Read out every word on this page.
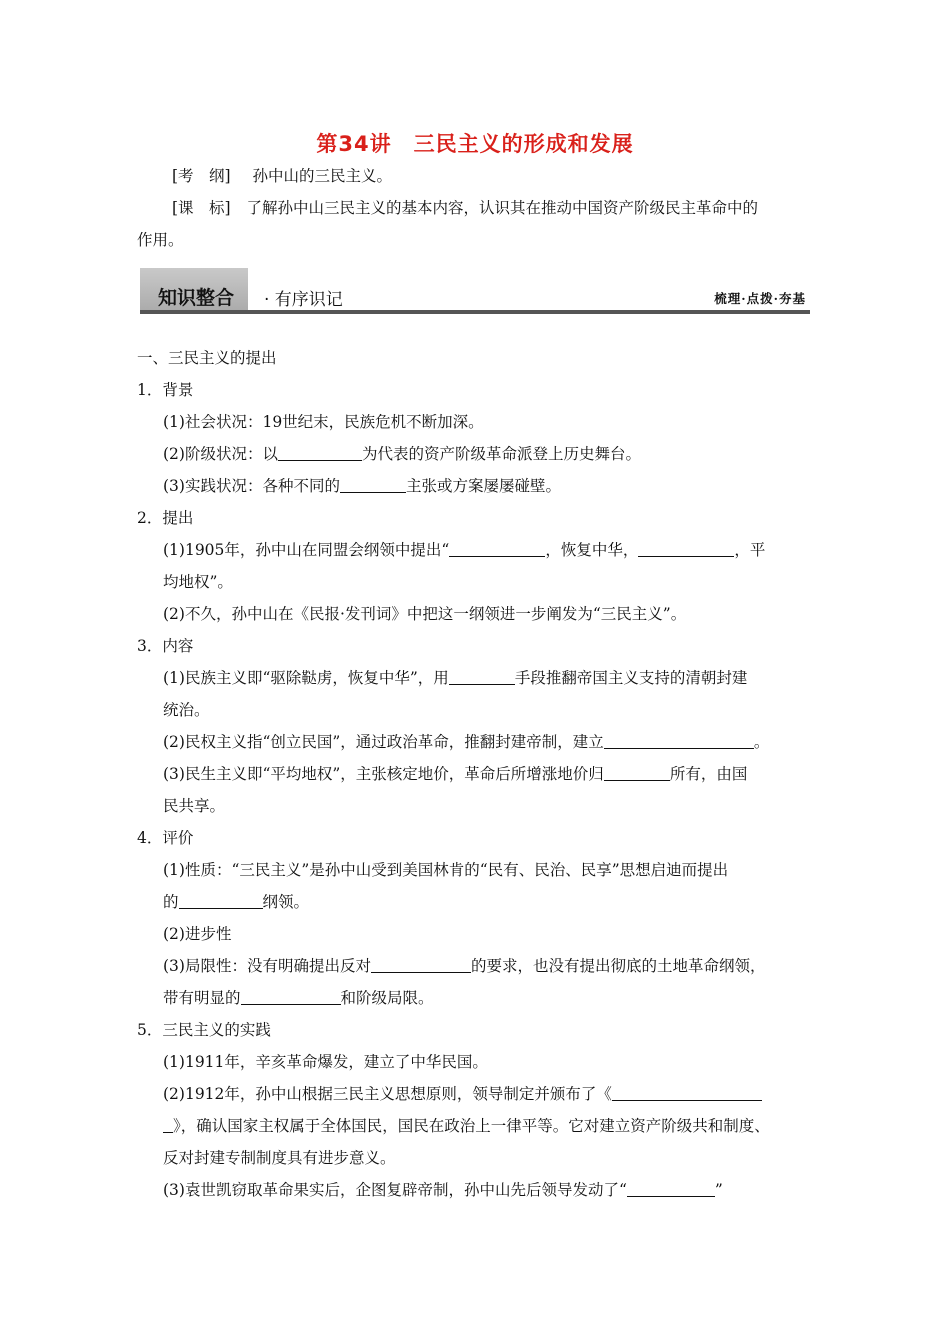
第34讲　三民主义的形成和发展
[考　纲] 孙中山的三民主义。
[课　标] 了解孙中山三民主义的基本内容，认识其在推动中国资产阶级民主革命中的
作用。
知识整合 · 有序识记	梳理·点拨·夯基
一、三民主义的提出
1．背景
(1)社会状况：19世纪末，民族危机不断加深。
(2)阶级状况：以	为代表的资产阶级革命派登上历史舞台。
(3)实践状况：各种不同的	主张或方案屡屡碰壁。
2．提出
(1)1905年，孙中山在同盟会纲领中提出“	，恢复中华，	，平
均地权”。
(2)不久，孙中山在《民报·发刊词》中把这一纲领进一步阐发为“三民主义”。
3．内容
(1)民族主义即“驱除鞑虏，恢复中华”，用	手段推翻帝国主义支持的清朝封建
统治。
(2)民权主义指“创立民国”，通过政治革命，推翻封建帝制，建立	。
(3)民生主义即“平均地权”，主张核定地价，革命后所增涨地价归	所有，由国
民共享。
4．评价
(1)性质：“三民主义”是孙中山受到美国林肯的“民有、民治、民享”思想启迪而提出
的	纲领。
(2)进步性
(3)局限性：没有明确提出反对	的要求，也没有提出彻底的土地革命纲领，
带有明显的	和阶级局限。
5．三民主义的实践
(1)1911年，辛亥革命爆发，建立了中华民国。
(2)1912年，孙中山根据三民主义思想原则，领导制定并颁布了《
》，确认国家主权属于全体国民，国民在政治上一律平等。它对建立资产阶级共和制度、
反对封建专制制度具有进步意义。
(3)袁世凯窃取革命果实后，企图复辟帝制，孙中山先后领导发动了“	”
